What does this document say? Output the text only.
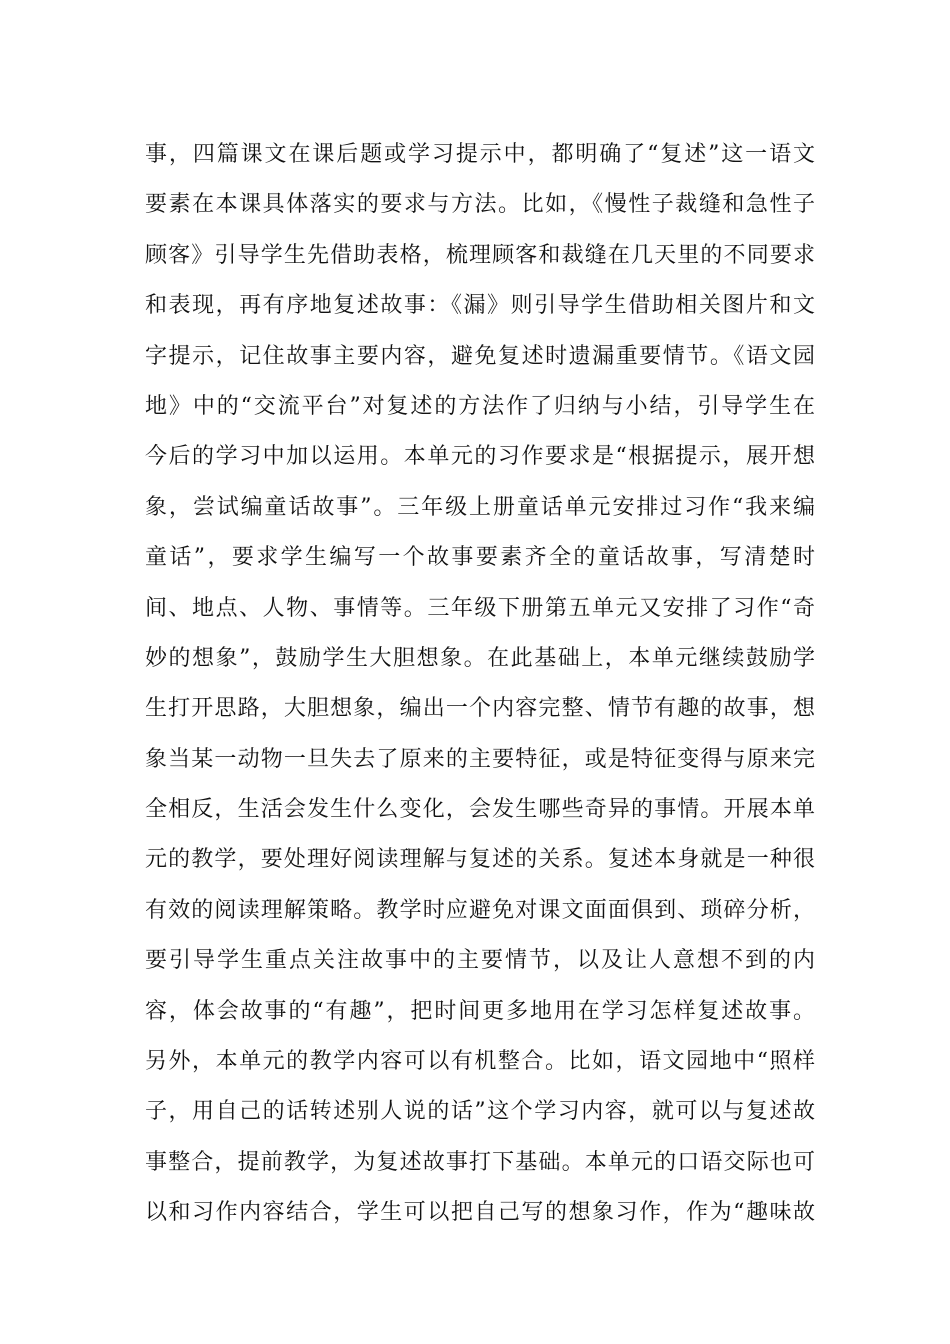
事，四篇课文在课后题或学习提示中，都明确了“复述”这一语文
要素在本课具体落实的要求与方法。比如，《慢性子裁缝和急性子
顾客》引导学生先借助表格，梳理顾客和裁缝在几天里的不同要求
和表现，再有序地复述故事：《漏》则引导学生借助相关图片和文
字提示，记住故事主要内容，避免复述时遗漏重要情节。《语文园
地》中的“交流平台”对复述的方法作了归纳与小结，引导学生在
今后的学习中加以运用。本单元的习作要求是“根据提示，展开想
象，尝试编童话故事”。三年级上册童话单元安排过习作“我来编
童话”，要求学生编写一个故事要素齐全的童话故事，写清楚时
间、地点、人物、事情等。三年级下册第五单元又安排了习作“奇
妙的想象”，鼓励学生大胆想象。在此基础上，本单元继续鼓励学
生打开思路，大胆想象，编出一个内容完整、情节有趣的故事，想
象当某一动物一旦失去了原来的主要特征，或是特征变得与原来完
全相反，生活会发生什么变化，会发生哪些奇异的事情。开展本单
元的教学，要处理好阅读理解与复述的关系。复述本身就是一种很
有效的阅读理解策略。教学时应避免对课文面面俱到、琐碎分析，
要引导学生重点关注故事中的主要情节，以及让人意想不到的内
容，体会故事的“有趣”，把时间更多地用在学习怎样复述故事。
另外，本单元的教学内容可以有机整合。比如，语文园地中“照样
子，用自己的话转述别人说的话”这个学习内容，就可以与复述故
事整合，提前教学，为复述故事打下基础。本单元的口语交际也可
以和习作内容结合，学生可以把自己写的想象习作，作为“趣味故
